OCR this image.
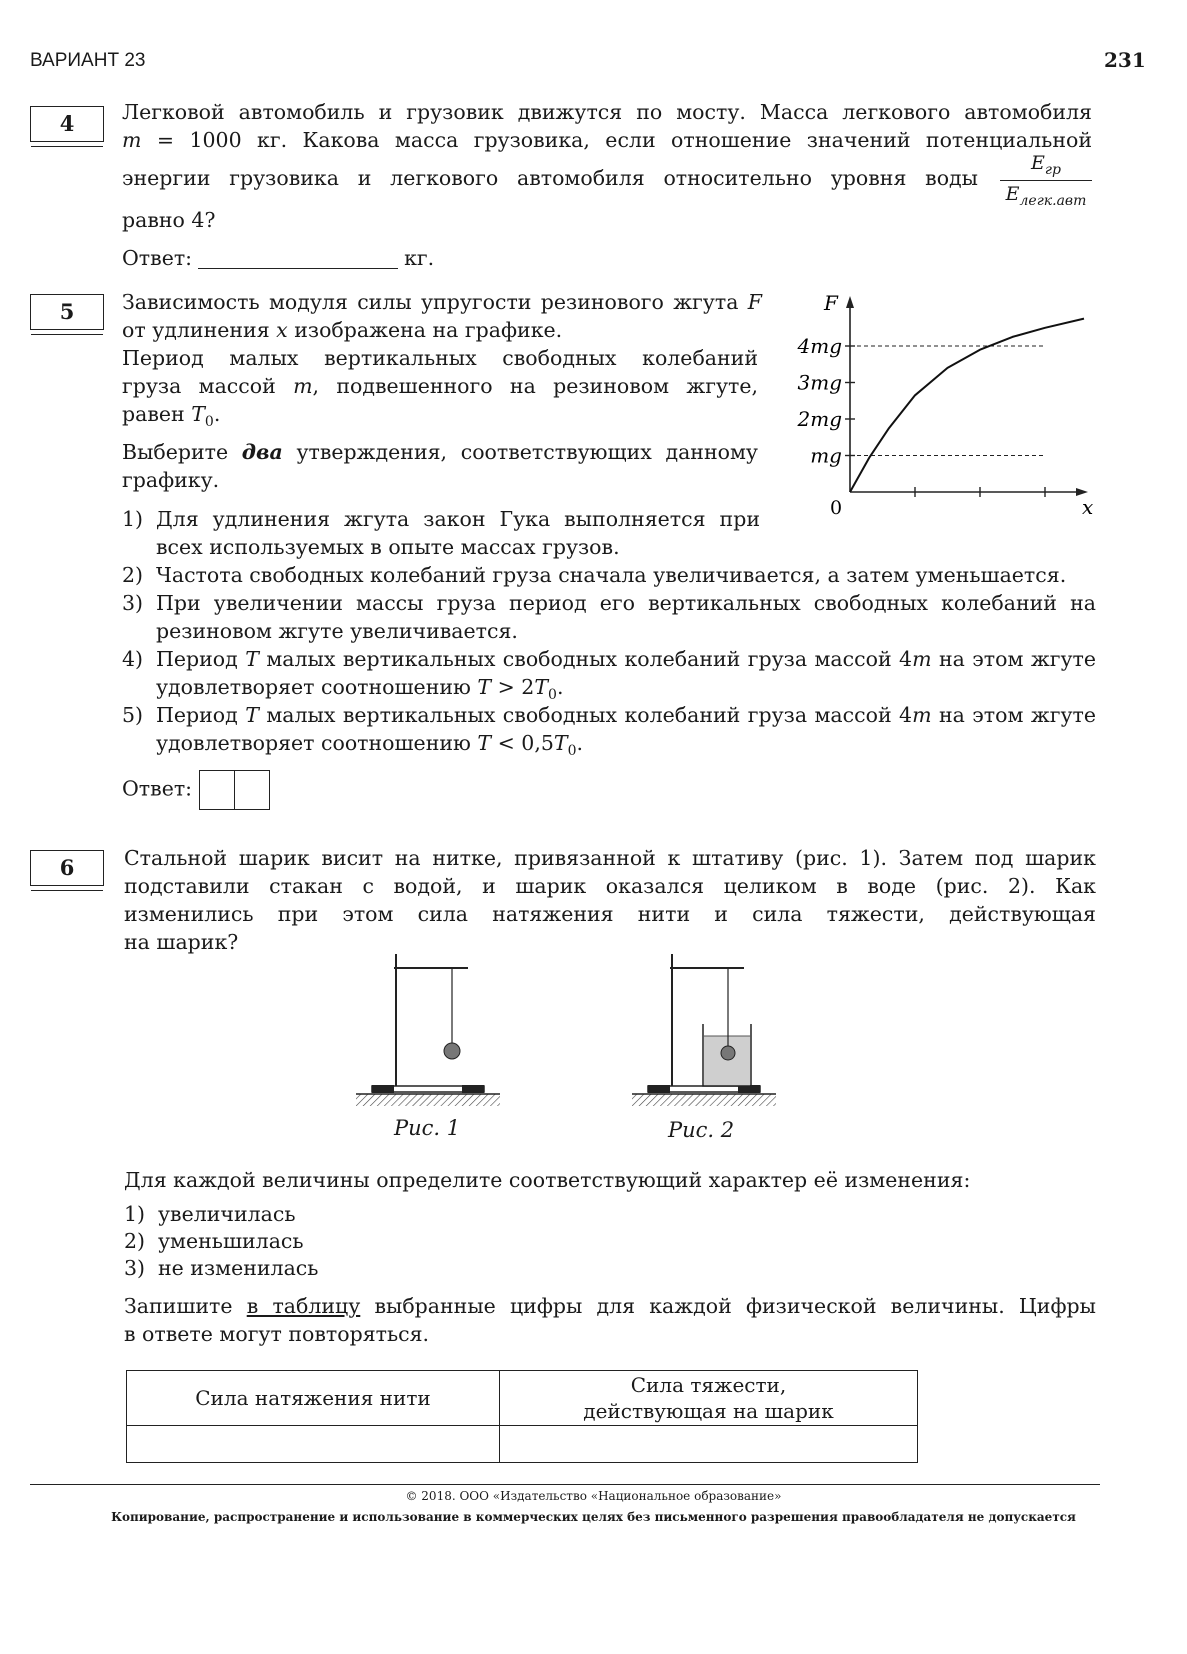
ВАРИАНТ 23	231
4	Легковой автомобиль и грузовик движутся по мосту. Масса легкового автомобиля
m = 1000 кг. Какова масса грузовика, если отношение значений потенциальной
энергии грузовика и легкового автомобиля относительно уровня воды
$E_{гр}$
$E_{легк.авт}$
равно 4?
Ответ:	кг.
5	Зависимость модуля силы упругости резинового жгута F
от удлинения x изображена на графике.
Период малых вертикальных свободных колебаний
груза массой m, подвешенного на резиновом жгуте,
равен $T_0$.
Выберите два утверждения, соответствующих данному
графику.
F
x
0
mg
2mg
3mg
4mg
1) Для удлинения жгута закон Гука выполняется при всех используемых в опыте массах грузов.
2) Частота свободных колебаний груза сначала увеличивается, а затем уменьшается.
3) При увеличении массы груза период его вертикальных свободных колебаний на резиновом жгуте увеличивается.
4) Период T малых вертикальных свободных колебаний груза массой 4m на этом жгуте удовлетворяет соотношению $T > 2T_0$.
5) Период T малых вертикальных свободных колебаний груза массой 4m на этом жгуте удовлетворяет соотношению $T < 0,5T_0$.
Ответ:
6	Стальной шарик висит на нитке, привязанной к штативу (рис. 1). Затем под шарик
подставили стакан с водой, и шарик оказался целиком в воде (рис. 2). Как
изменились при этом сила натяжения нити и сила тяжести, действующая
на шарик?
Рис. 1	Рис. 2
Для каждой величины определите соответствующий характер её изменения:
1) увеличилась
2) уменьшилась
3) не изменилась
Запишите в таблицу выбранные цифры для каждой физической величины. Цифры
в ответе могут повторяться.
Сила натяжения нити	Сила тяжести,
действующая на шарик

© 2018. ООО «Издательство «Национальное образование»
Копирование, распространение и использование в коммерческих целях без письменного разрешения правообладателя не допускается
